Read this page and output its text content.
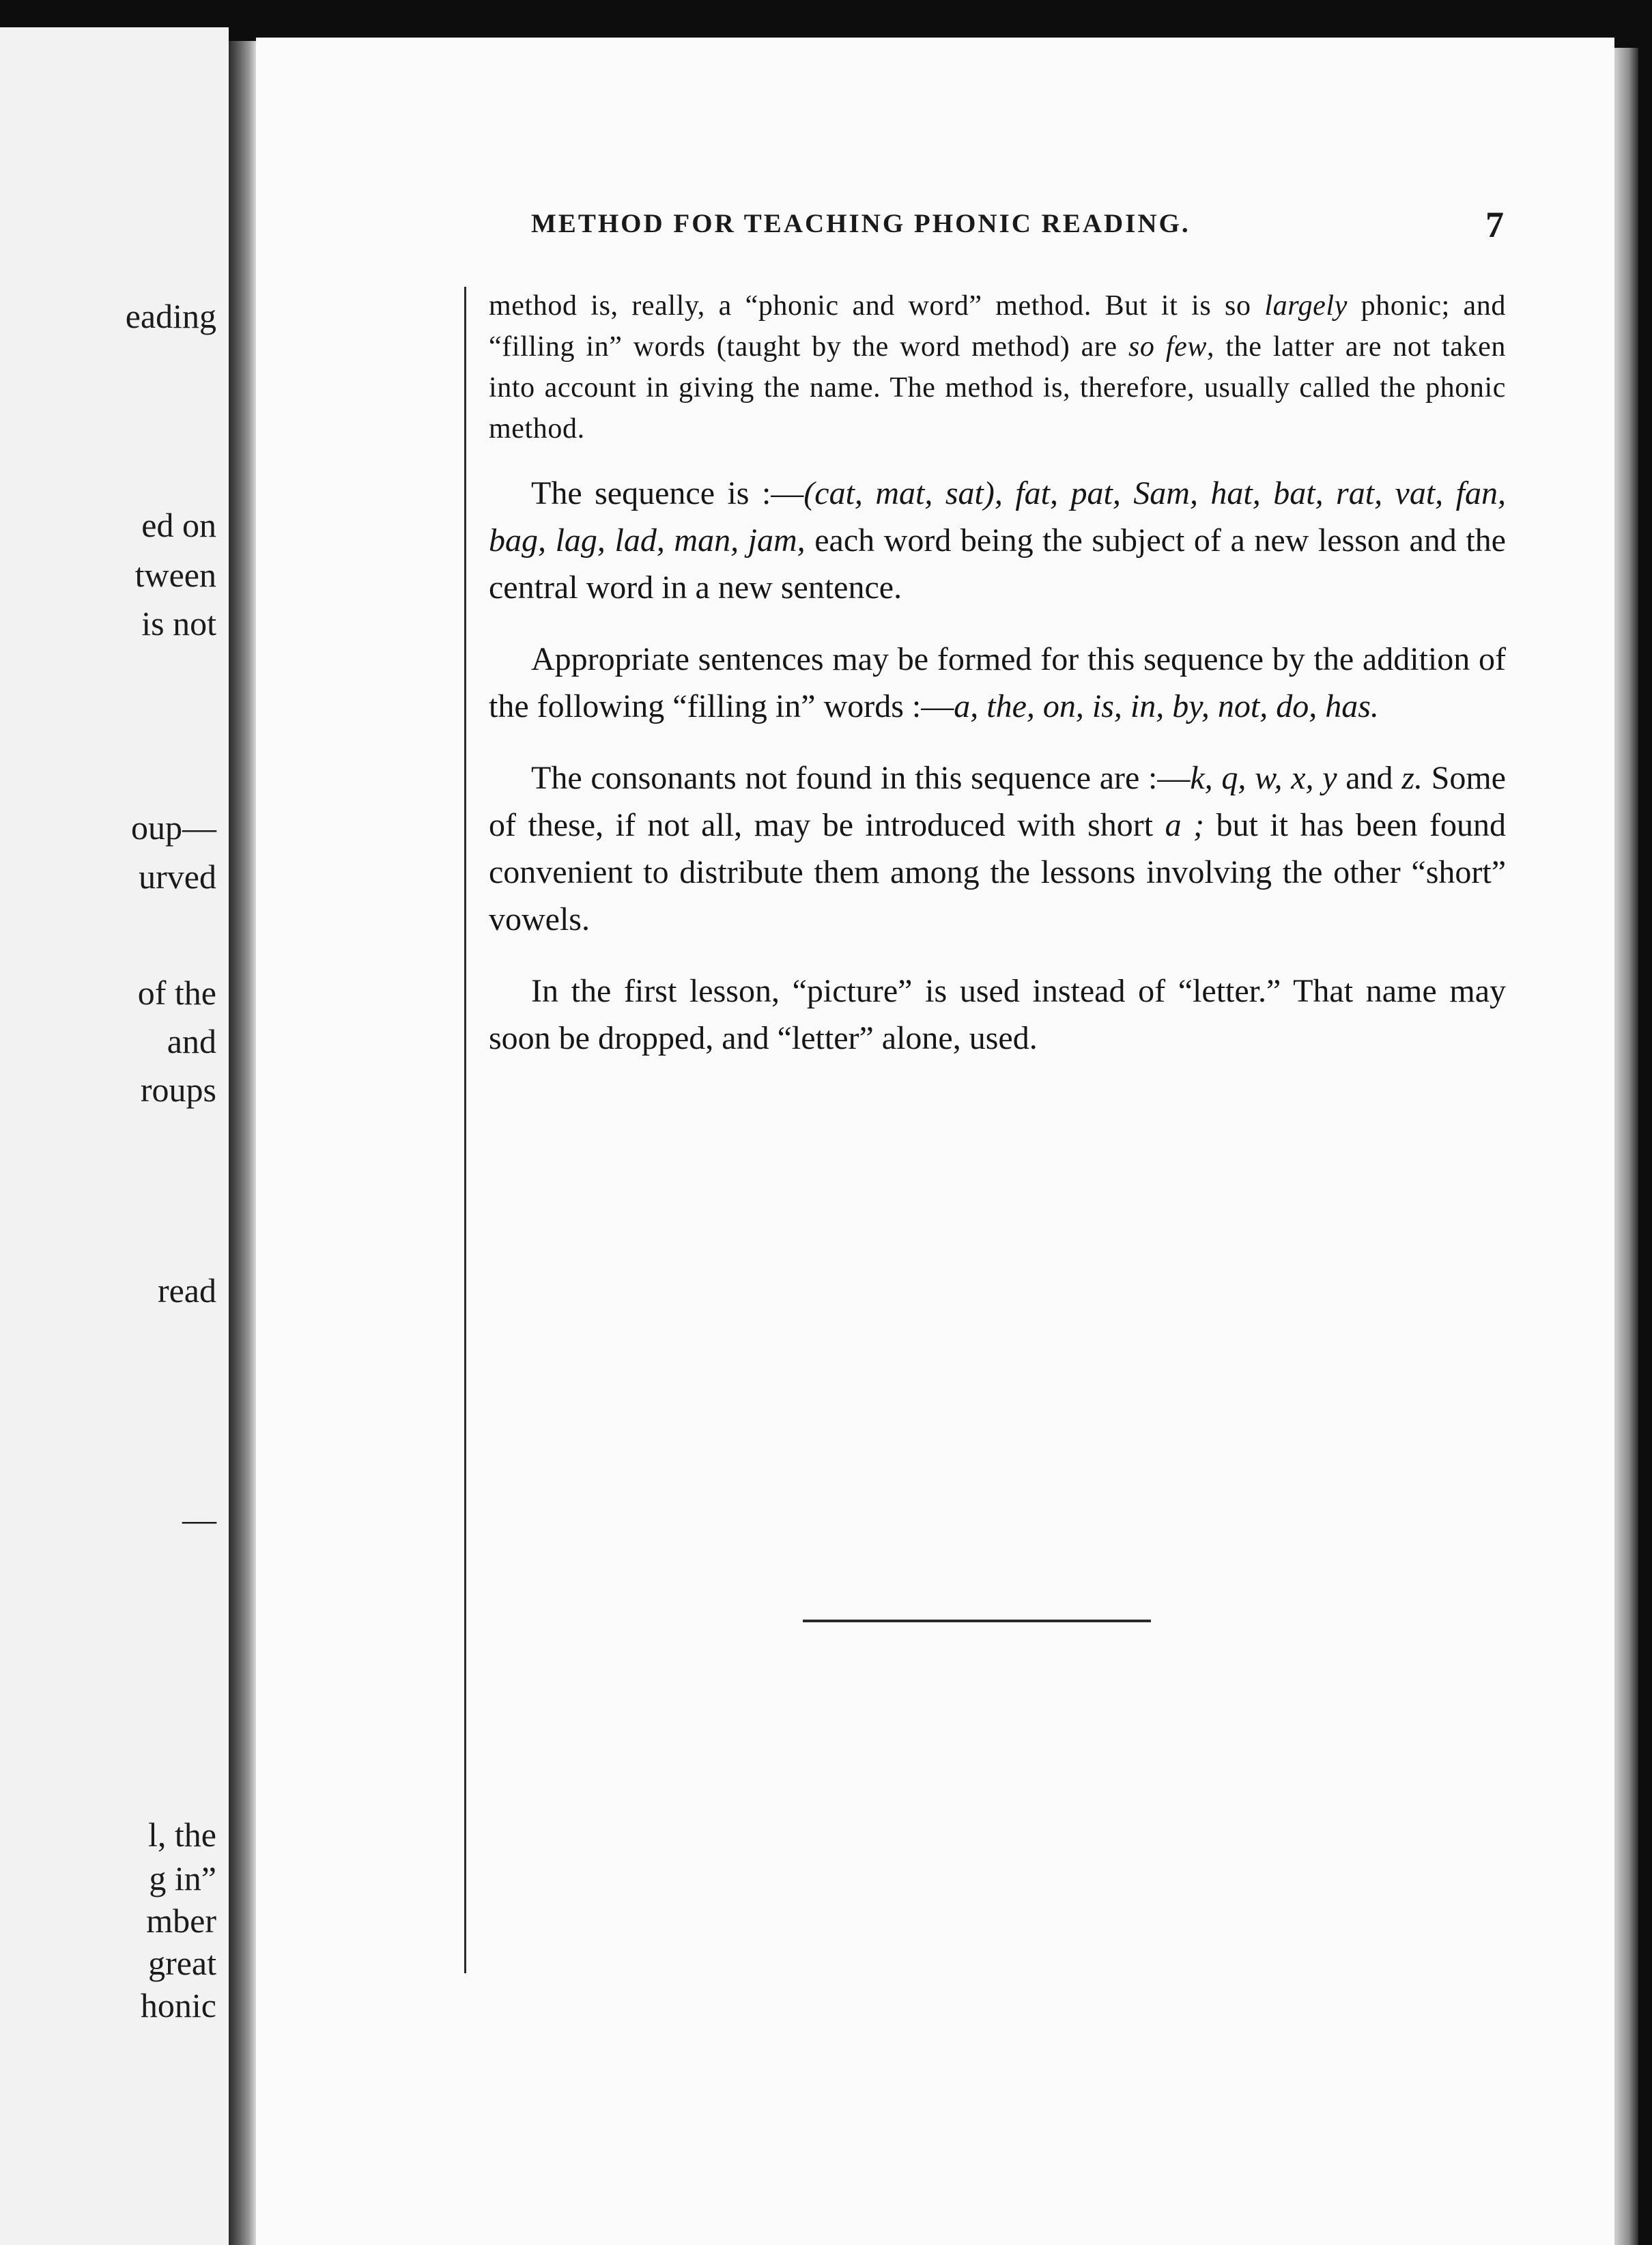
eading
ed on
tween
is not
oup—
urved
of the
and
roups
read
—
l, the
g in”
mber
great
honic
METHOD FOR TEACHING PHONIC READING.	7

method is, really, a “phonic and word” method. But it is so largely phonic; and “filling in” words (taught by the word method) are so few, the latter are not taken into account in giving the name. The method is, therefore, usually called the phonic method.

The sequence is :—(cat, mat, sat), fat, pat, Sam, hat, bat, rat, vat, fan, bag, lag, lad, man, jam, each word being the subject of a new lesson and the central word in a new sentence.

Appropriate sentences may be formed for this sequence by the addition of the following “filling in” words :—a, the, on, is, in, by, not, do, has.

The consonants not found in this sequence are :—k, q, w, x, y and z. Some of these, if not all, may be introduced with short a ; but it has been found convenient to distribute them among the lessons involving the other “short” vowels.

In the first lesson, “picture” is used instead of “letter.” That name may soon be dropped, and “letter” alone, used.
